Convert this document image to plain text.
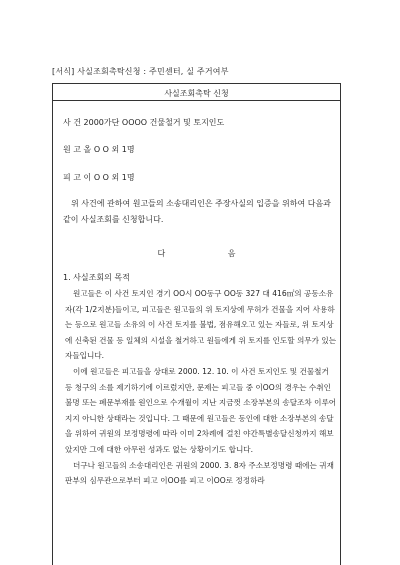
[서식] 사실조회촉탁신청 : 주민센터, 실 주거여부
사실조회촉탁 신청
사 건 2000가단 OOOO 건물철거 및 토지인도
원 고 올 O O 외 1명
피 고 이 O O 외 1명
위 사건에 관하여 원고들의 소송대리인은 주장사실의 입증을 위하여 다음과 같이 사실조회를 신청합니다.
다 음
1. 사실조회의 목적

원고들은 이 사건 토지인 경기 OO시 OO동구 OO동 327 대 416㎡의 공동소유자(각 1/2지분)들이고, 피고들은 원고들의 위 토지상에 무허가 건물을 지어 사용하는 등으로 원고들 소유의 이 사건 토지를 불법, 점유해오고 있는 자들로, 위 토지상에 신축된 건물 등 일체의 시설을 철거하고 원들에게 위 토지를 인도할 의무가 있는 자들입니다.

이에 원고들은 피고들을 상대로 2000. 12. 10. 이 사건 토지인도 및 건물철거 등 청구의 소를 제기하기에 이르렀지만, 문제는 피고들 중 이OO의 경우는 수취인불명 또는 폐문부재를 원인으로 수개월이 지난 지금껏 소장부본의 송달조차 이루어지지 아니한 상태라는 것입니다. 그 때문에 원고들은 동인에 대한 소장부본의 송달을 위하여 귀원의 보정명령에 따라 이미 2차례에 걸친 야간특별송달신청까지 해보았지만 그에 대한 아무런 성과도 없는 상황이기도 합니다.

더구나 원고들의 소송대리인은 귀원의 2000. 3. 8자 주소보정명령 때에는 귀재판부의 심무관으로부터 피고 이OO를 피고 이OO로 정정하라
